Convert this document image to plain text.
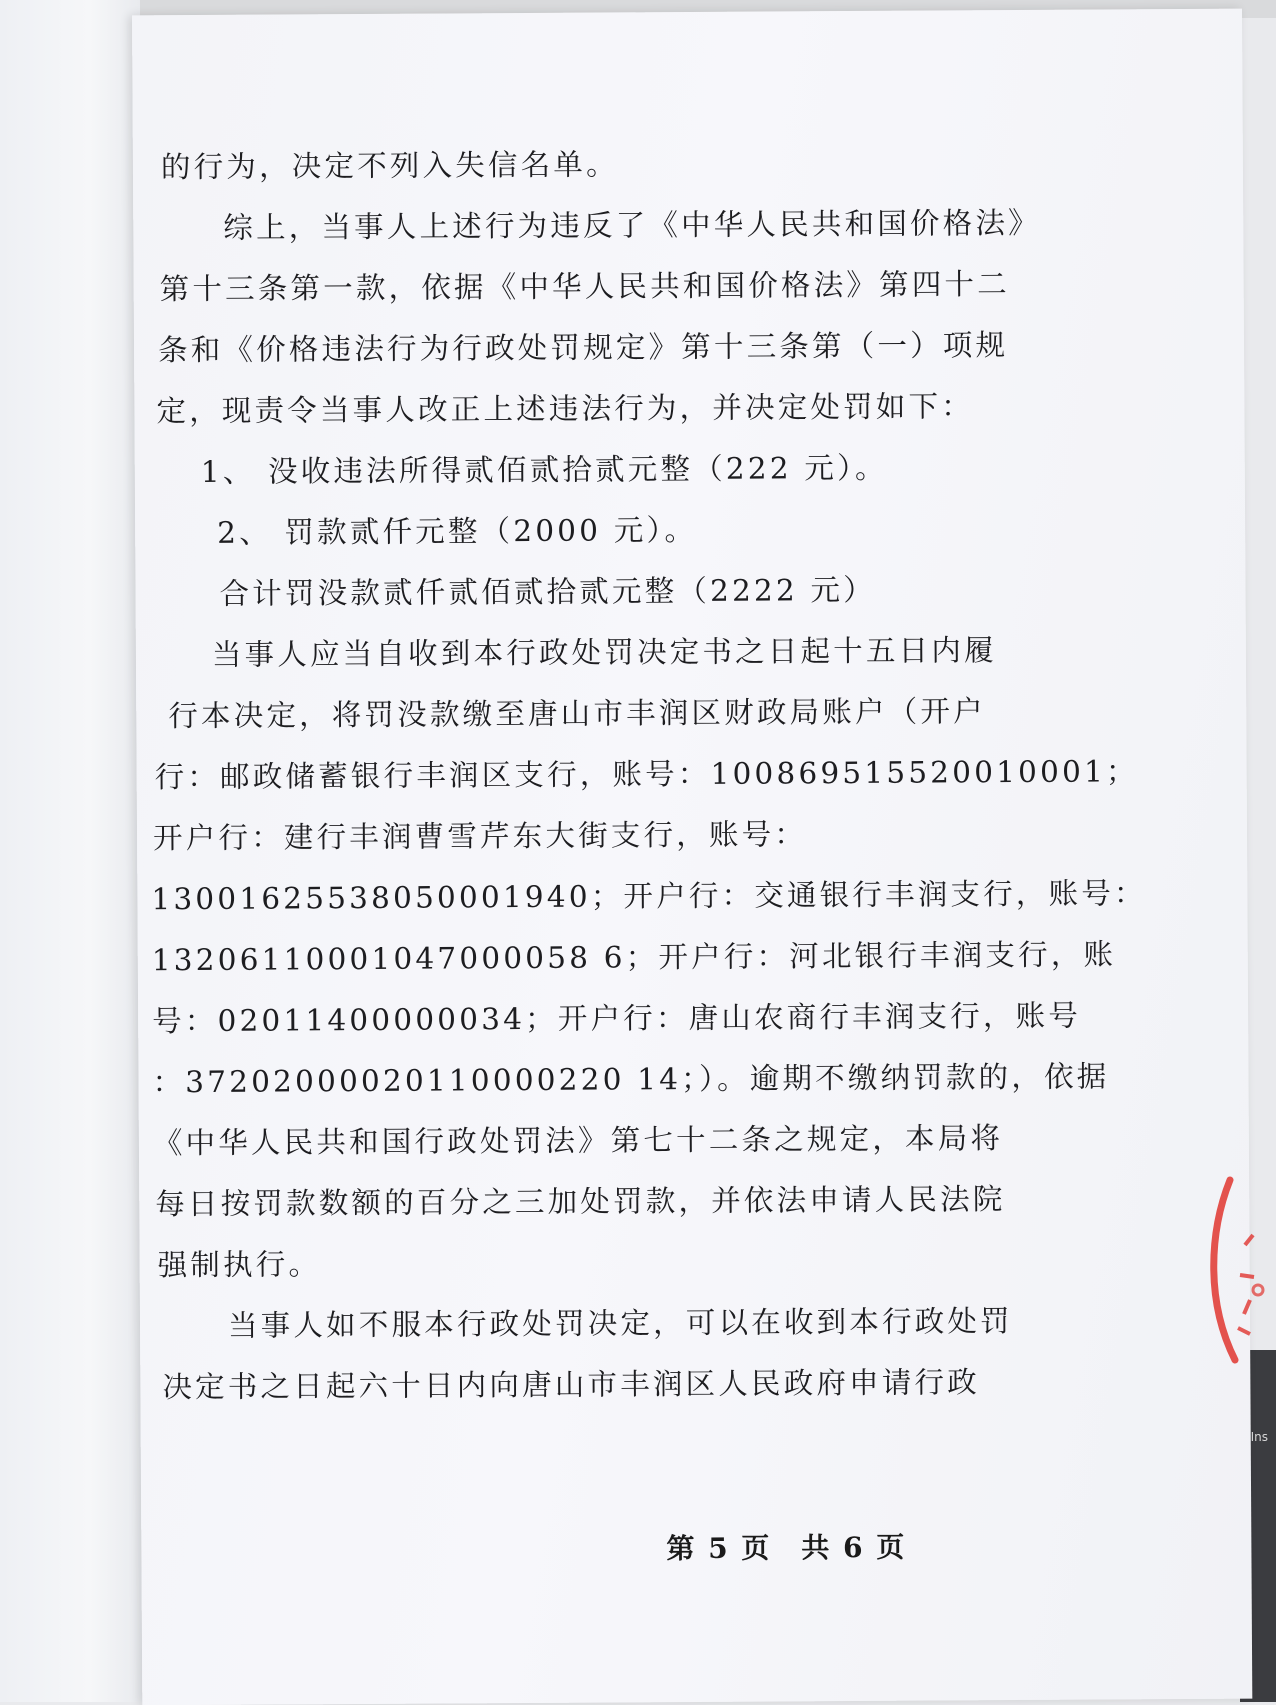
Ins
的行为，决定不列入失信名单。
综上，当事人上述行为违反了《中华人民共和国价格法》
第十三条第一款，依据《中华人民共和国价格法》第四十二
条和《价格违法行为行政处罚规定》第十三条第（一）项规
定，现责令当事人改正上述违法行为，并决定处罚如下：
1、 没收违法所得贰佰贰拾贰元整（222 元）。
2、 罚款贰仟元整（2000 元）。
合计罚没款贰仟贰佰贰拾贰元整（2222 元）
当事人应当自收到本行政处罚决定书之日起十五日内履
行本决定，将罚没款缴至唐山市丰润区财政局账户（开户
行：邮政储蓄银行丰润区支行，账号：100869515520010001；
开户行：建行丰润曹雪芹东大街支行，账号：
13001625538050001940；开户行：交通银行丰润支行，账号：
13206110001047000058 6；开户行：河北银行丰润支行，账
号：02011400000034；开户行：唐山农商行丰润支行，账号
：37202000020110000220 14；）。逾期不缴纳罚款的，依据
《中华人民共和国行政处罚法》第七十二条之规定，本局将
每日按罚款数额的百分之三加处罚款，并依法申请人民法院
强制执行。
当事人如不服本行政处罚决定，可以在收到本行政处罚
决定书之日起六十日内向唐山市丰润区人民政府申请行政
第 5 页　共 6 页
